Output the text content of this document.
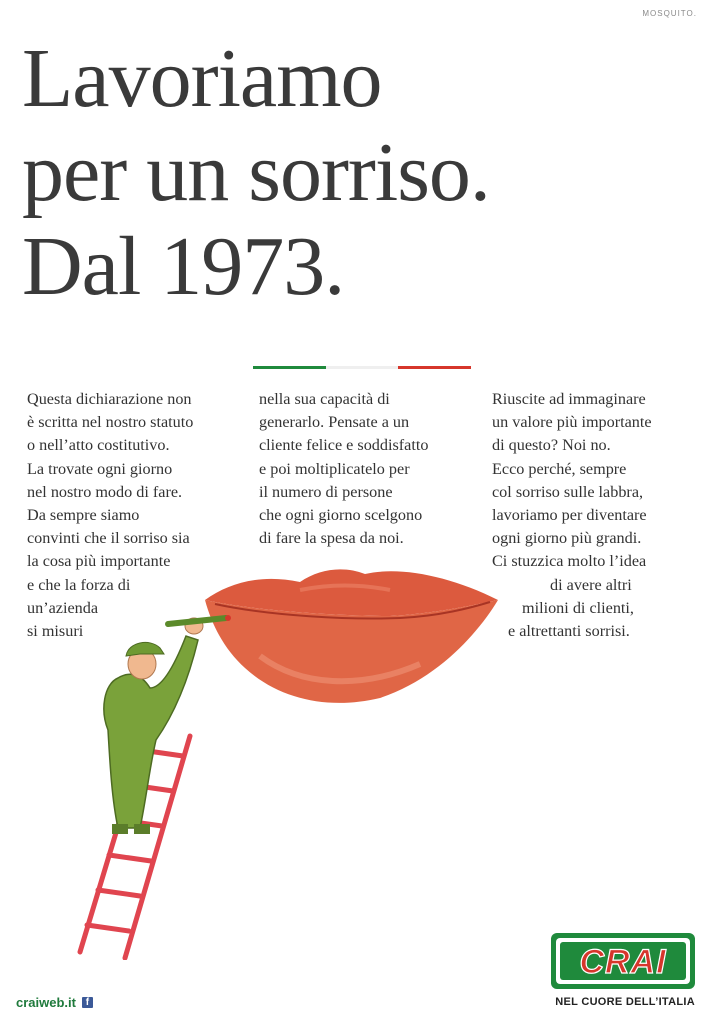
MOSQUITO.
Lavoriamo
per un sorriso.
Dal 1973.

Questa dichiarazione non

è scritta nel nostro statuto

o nell’atto costitutivo.

La trovate ogni giorno

nel nostro modo di fare.

Da sempre siamo

convinti che il sorriso sia

la cosa più importante

e che la forza di

un’azienda

si misuri

nella sua capacità di

generarlo. Pensate a un

cliente felice e soddisfatto

e poi moltiplicatelo per

il numero di persone

che ogni giorno scelgono

di fare la spesa da noi.

Riuscite ad immaginare

un valore più importante

di questo? Noi no.

Ecco perché, sempre

col sorriso sulle labbra,

lavoriamo per diventare

ogni giorno più grandi.

Ci stuzzica molto l’idea

di avere altri

milioni di clienti,

e altrettanti sorrisi.

craiweb.it f
CRAI
NEL CUORE DELL’ITALIA
